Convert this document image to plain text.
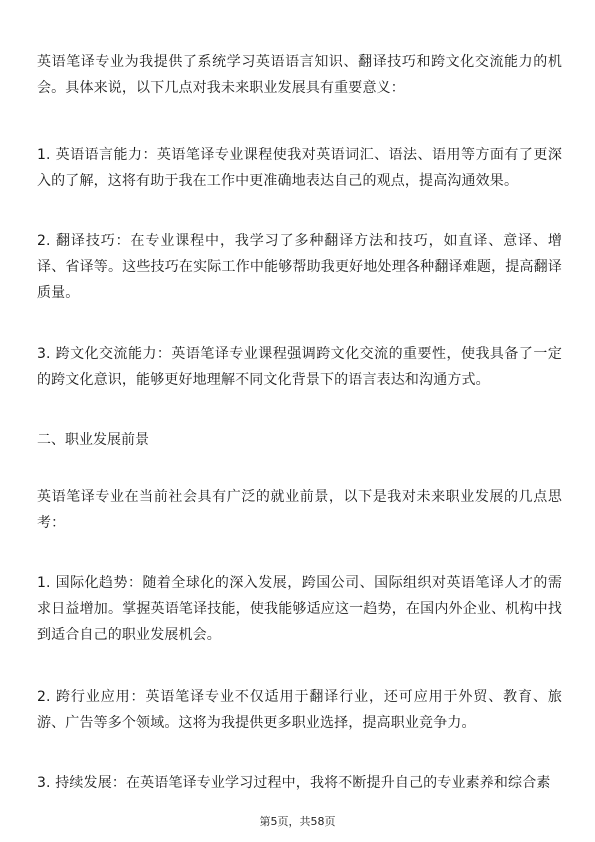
英语笔译专业为我提供了系统学习英语语言知识、翻译技巧和跨文化交流能力的机会。具体来说，以下几点对我未来职业发展具有重要意义：

1. 英语语言能力：英语笔译专业课程使我对英语词汇、语法、语用等方面有了更深入的了解，这将有助于我在工作中更准确地表达自己的观点，提高沟通效果。

2. 翻译技巧：在专业课程中，我学习了多种翻译方法和技巧，如直译、意译、增译、省译等。这些技巧在实际工作中能够帮助我更好地处理各种翻译难题，提高翻译质量。

3. 跨文化交流能力：英语笔译专业课程强调跨文化交流的重要性，使我具备了一定的跨文化意识，能够更好地理解不同文化背景下的语言表达和沟通方式。

二、职业发展前景

英语笔译专业在当前社会具有广泛的就业前景，以下是我对未来职业发展的几点思考：

1. 国际化趋势：随着全球化的深入发展，跨国公司、国际组织对英语笔译人才的需求日益增加。掌握英语笔译技能，使我能够适应这一趋势，在国内外企业、机构中找到适合自己的职业发展机会。

2. 跨行业应用：英语笔译专业不仅适用于翻译行业，还可应用于外贸、教育、旅游、广告等多个领域。这将为我提供更多职业选择，提高职业竞争力。

3. 持续发展：在英语笔译专业学习过程中，我将不断提升自己的专业素养和综合素

第5页，共58页
